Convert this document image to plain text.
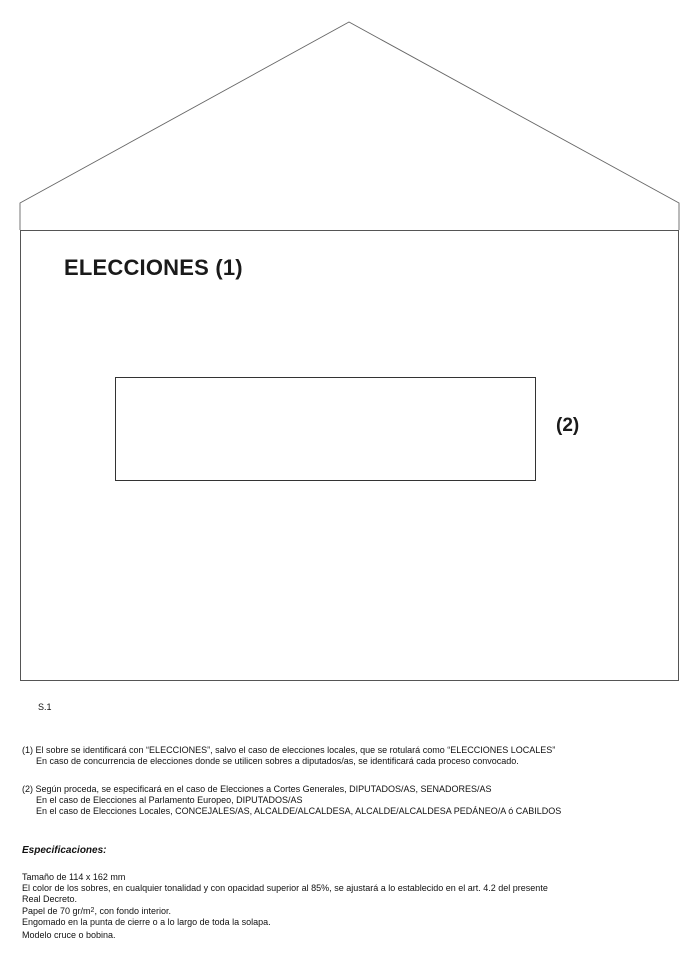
ELECCIONES (1)
(2)
S.1

(1) El sobre se identificará con “ELECCIONES”, salvo el caso de elecciones locales, que se rotulará como “ELECCIONES LOCALES”

En caso de concurrencia de elecciones donde se utilicen sobres a diputados/as, se identificará cada proceso convocado.

(2) Según proceda, se especificará en el caso de Elecciones a Cortes Generales, DIPUTADOS/AS, SENADORES/AS

En el caso de Elecciones al Parlamento Europeo, DIPUTADOS/AS

En el caso de Elecciones Locales, CONCEJALES/AS, ALCALDE/ALCALDESA, ALCALDE/ALCALDESA PEDÁNEO/A ó CABILDOS

Especificaciones:

Tamaño de 114 x 162 mm

El color de los sobres, en cualquier tonalidad y con opacidad superior al 85%, se ajustará a lo establecido en el art. 4.2 del presente

Real Decreto.

Papel de 70 $gr/m^2$, con fondo interior.

Engomado en la punta de cierre o a lo largo de toda la solapa.

Modelo cruce o bobina.
